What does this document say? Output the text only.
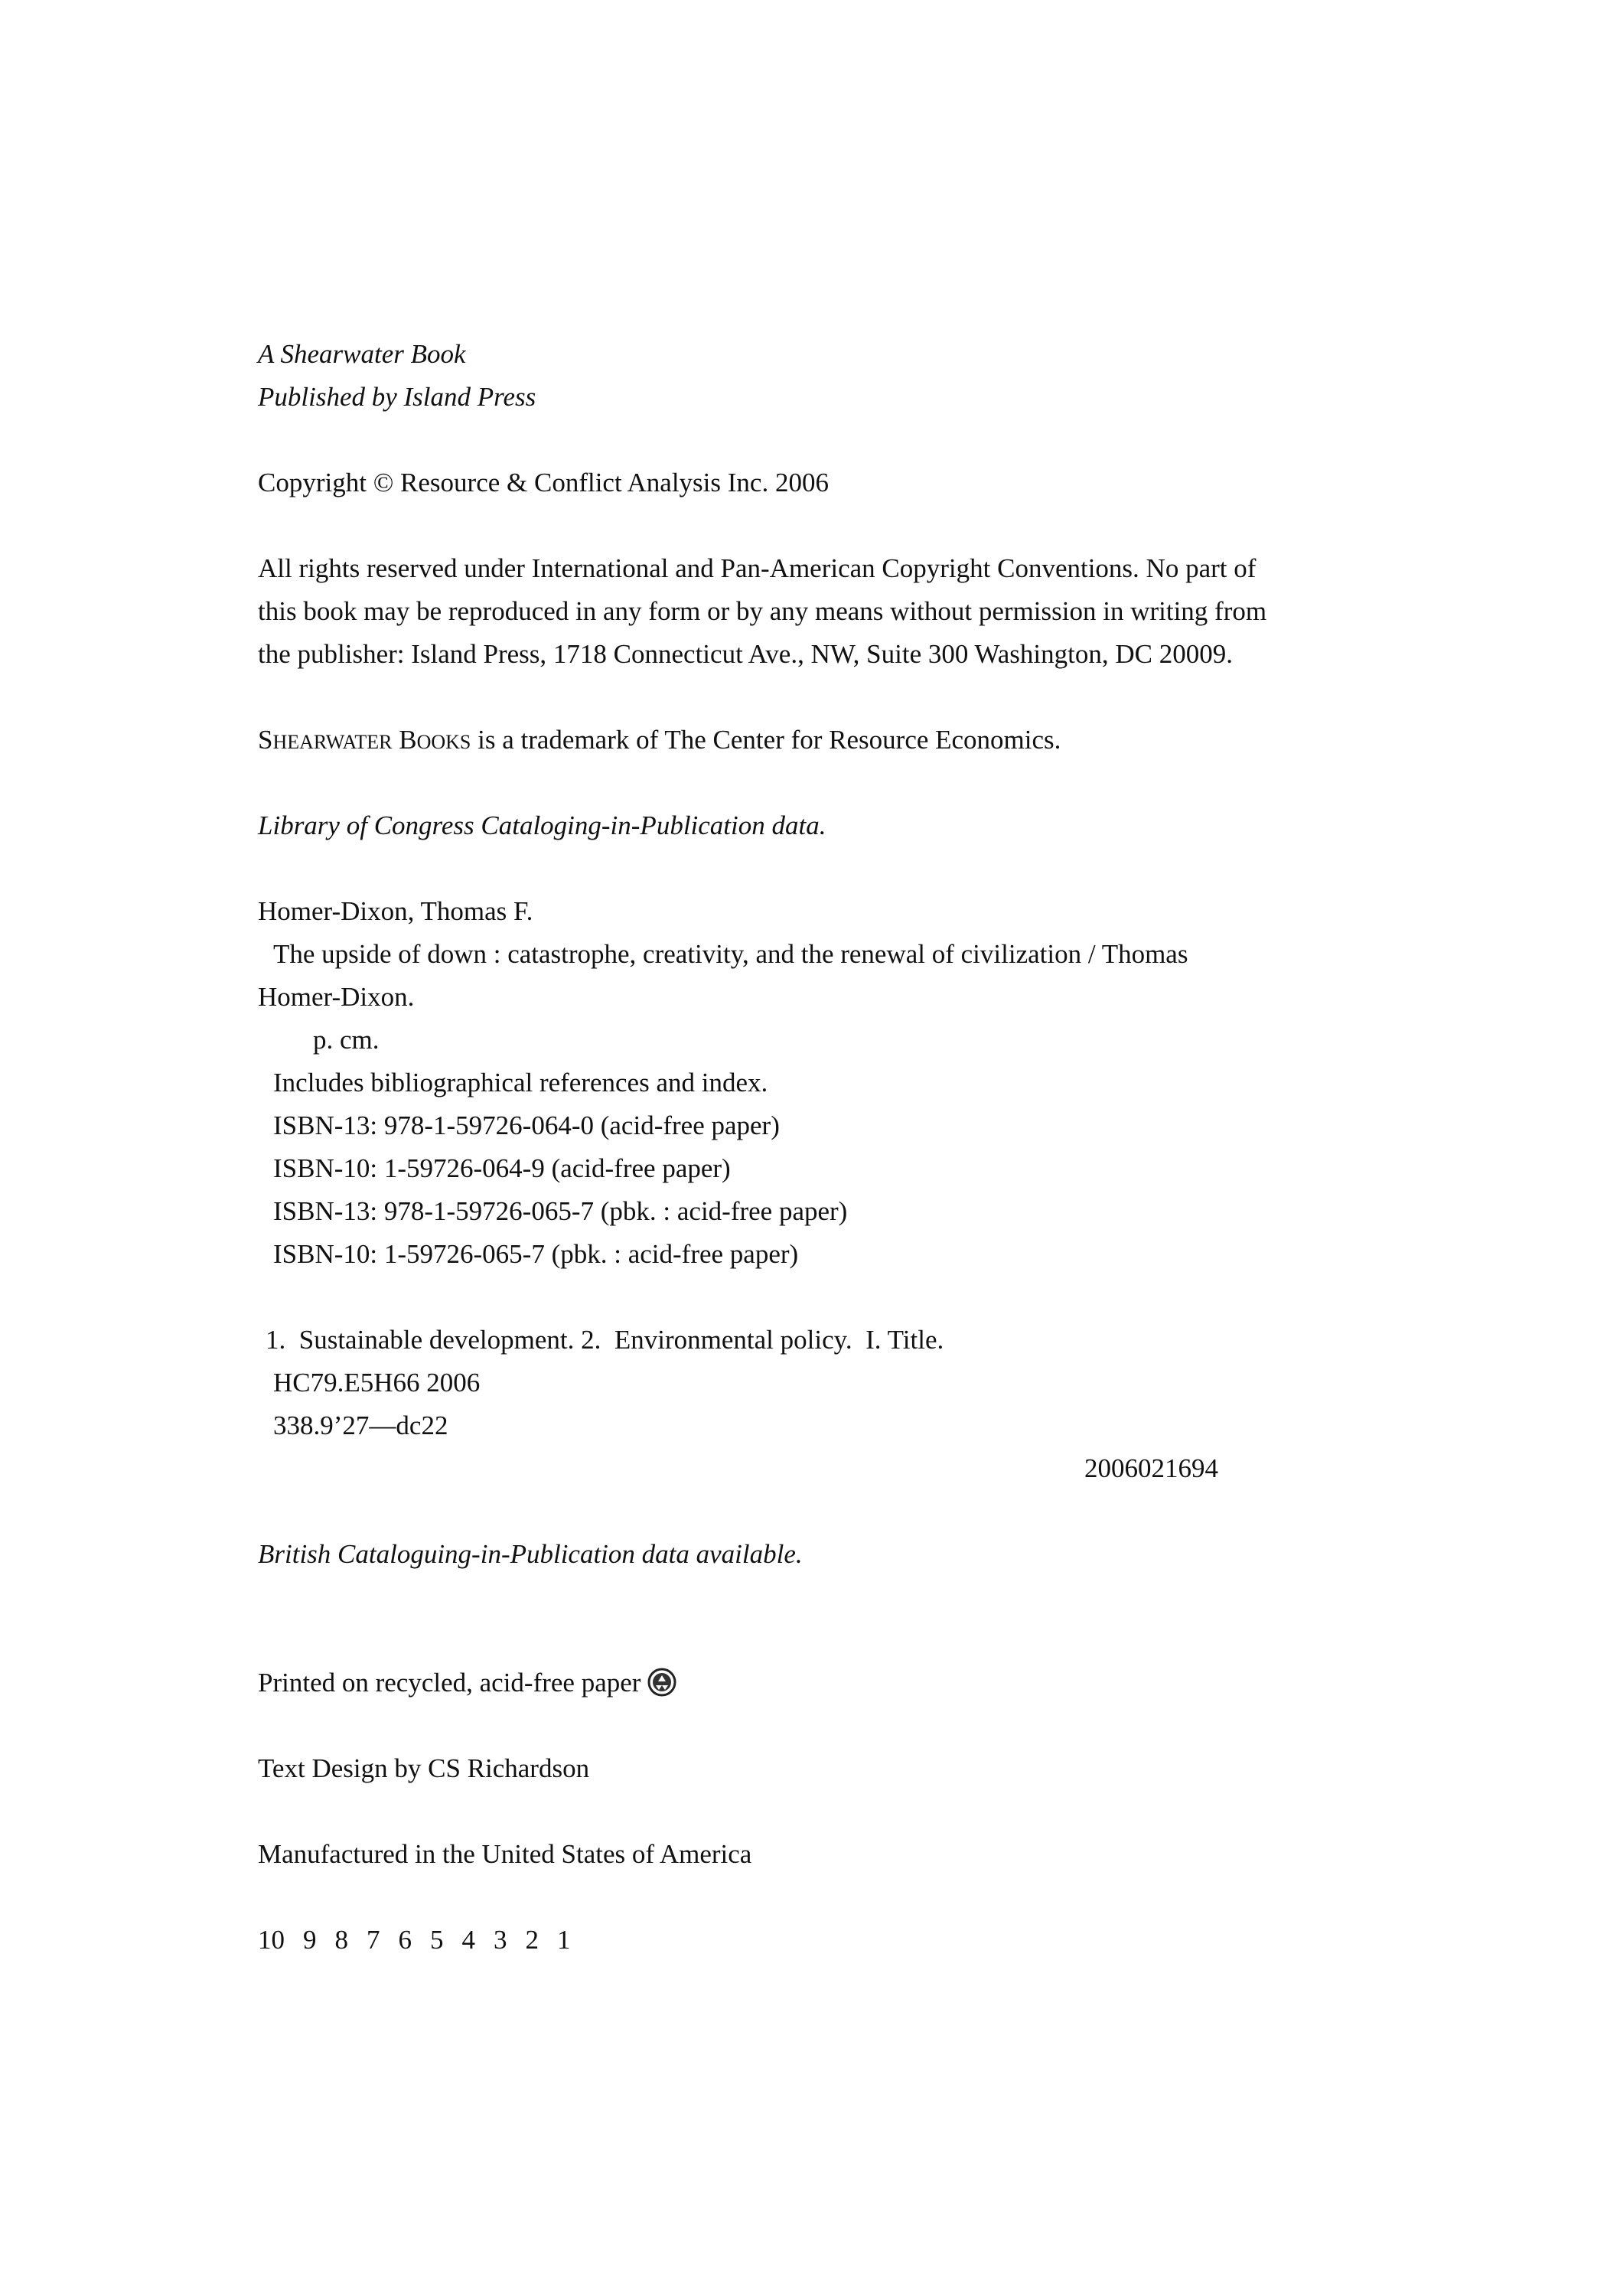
A Shearwater Book

Published by Island Press

Copyright © Resource & Conflict Analysis Inc. 2006

All rights reserved under International and Pan-American Copyright Conventions. No part of

this book may be reproduced in any form or by any means without permission in writing from

the publisher: Island Press, 1718 Connecticut Ave., NW, Suite 300 Washington, DC 20009.

SHEARWATER BOOKS is a trademark of The Center for Resource Economics.

Library of Congress Cataloging-in-Publication data.

Homer-Dixon, Thomas F.

The upside of down : catastrophe, creativity, and the renewal of civilization / Thomas

Homer-Dixon.

p. cm.

Includes bibliographical references and index.

ISBN-13: 978-1-59726-064-0 (acid-free paper)

ISBN-10: 1-59726-064-9 (acid-free paper)

ISBN-13: 978-1-59726-065-7 (pbk. : acid-free paper)

ISBN-10: 1-59726-065-7 (pbk. : acid-free paper)

1.  Sustainable development. 2.  Environmental policy.  I. Title.

HC79.E5H66 2006

338.9’27—dc22

2006021694

British Cataloguing-in-Publication data available.

Printed on recycled, acid-free paper

Text Design by CS Richardson

Manufactured in the United States of America

10 9 8 7 6 5 4 3 2 1
